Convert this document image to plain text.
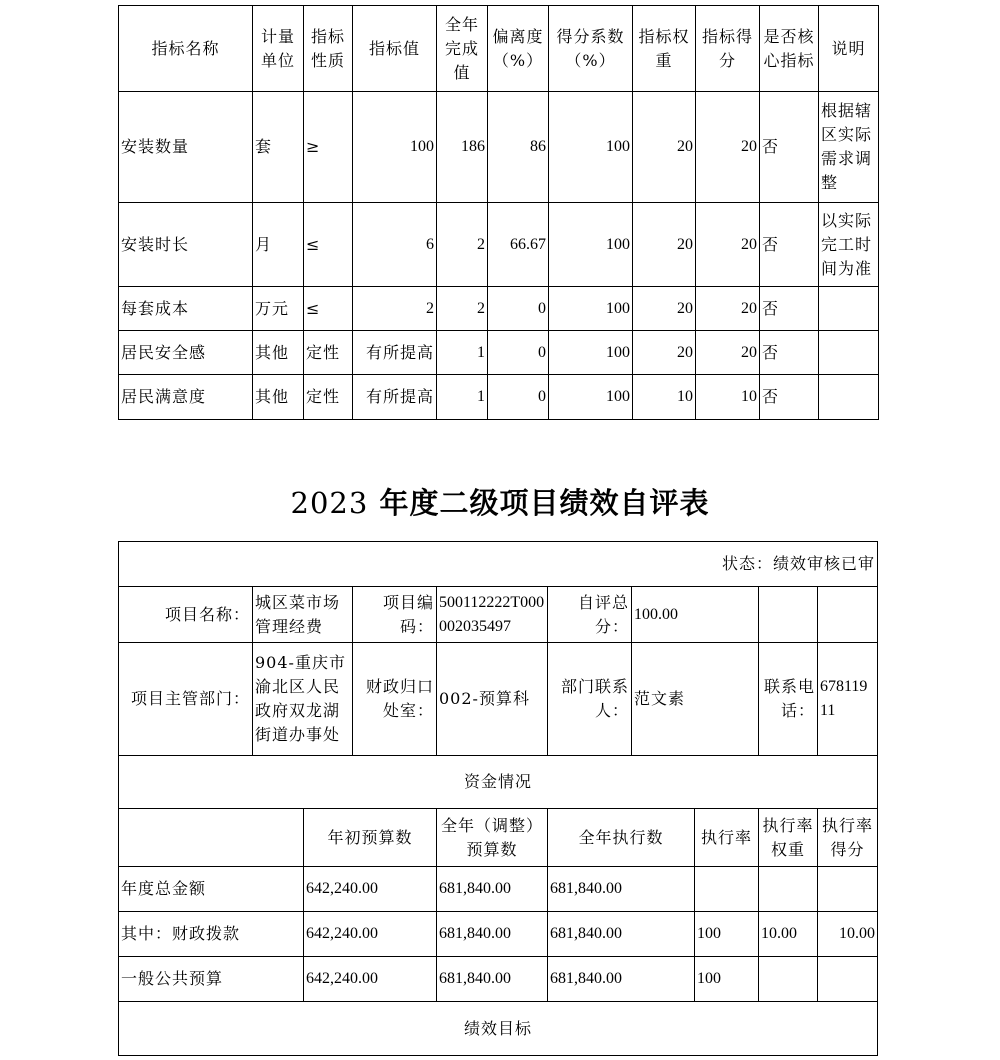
指标名称	计量单位	指标性质	指标值	全年完成值	偏离度（%）	得分系数（%）	指标权重	指标得分	是否核心指标	说明
安装数量	套	≥	100	186	86	100	20	20	否	根据辖区实际需求调整
安装时长	月	≤	6	2	66.67	100	20	20	否	以实际完工时间为准
每套成本	万元	≤	2	2	0	100	20	20	否	
居民安全感	其他	定性	有所提高	1	0	100	20	20	否	
居民满意度	其他	定性	有所提高	1	0	100	10	10	否	
2023 年度二级项目绩效自评表
状态：绩效审核已审									
项目名称：	城区菜市场管理经费		项目编码：	500112222T000002035497	自评总分：	100.00			
项目主管部门：	904-重庆市渝北区人民政府双龙湖街道办事处		财政归口处室：	002-预算科	部门联系人：	范文素		联系电话：	67811911
资金情况									
		年初预算数		全年（调整）预算数	全年执行数		执行率	执行率权重	执行率得分
年度总金额		642,240.00		681,840.00	681,840.00				
其中：财政拨款		642,240.00		681,840.00	681,840.00		100	10.00	10.00
一般公共预算		642,240.00		681,840.00	681,840.00		100		
绩效目标									
